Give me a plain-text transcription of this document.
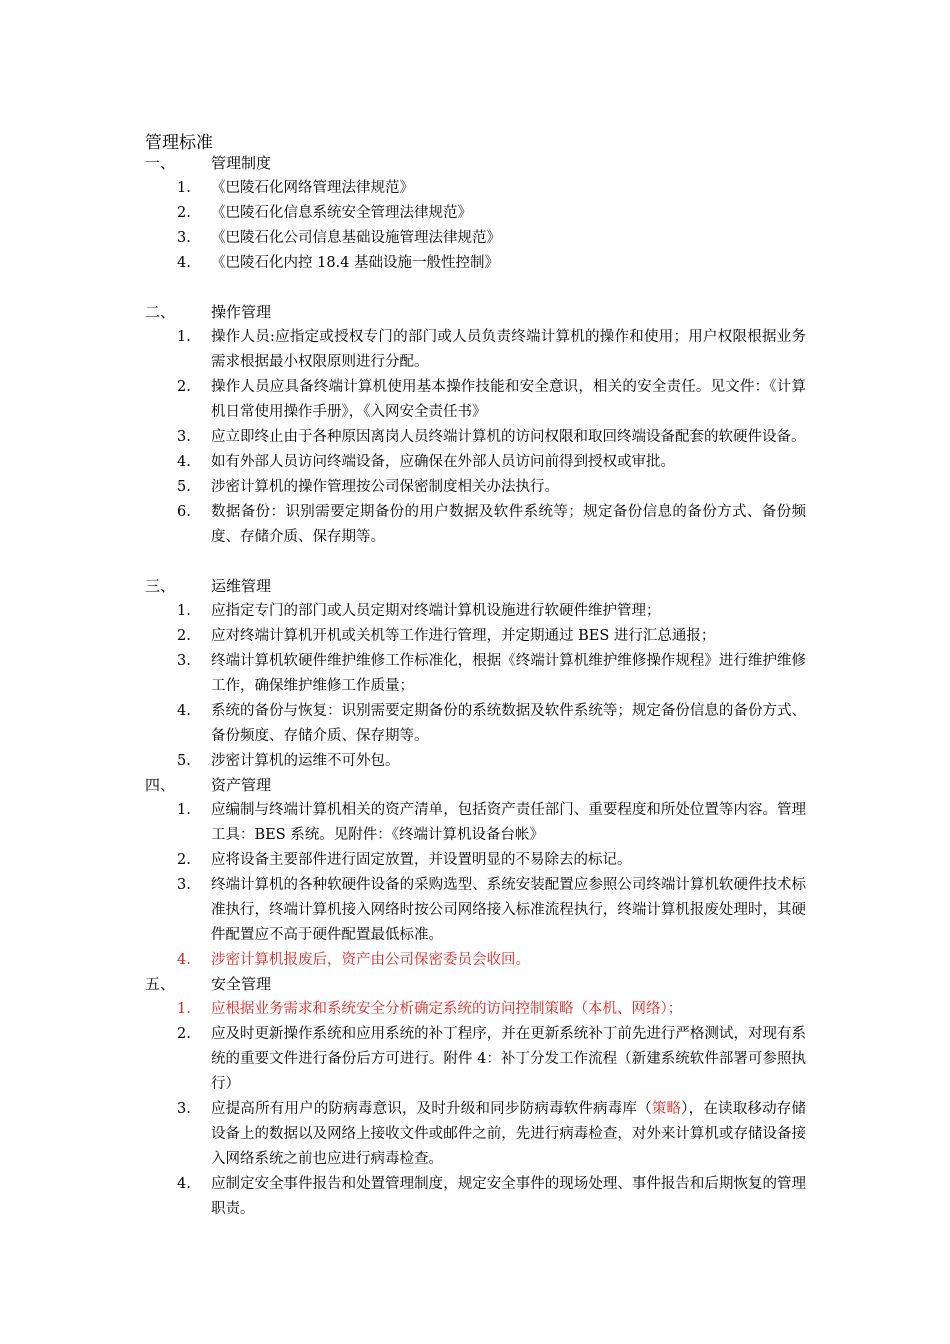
管理标准
一、 管理制度
1. 《巴陵石化网络管理法律规范》
2. 《巴陵石化信息系统安全管理法律规范》
3. 《巴陵石化公司信息基础设施管理法律规范》
4. 《巴陵石化内控 18.4 基础设施一般性控制》
二、 操作管理
1. 操作人员:应指定或授权专门的部门或人员负责终端计算机的操作和使用；用户权限根据业务需求根据最小权限原则进行分配。
2. 操作人员应具备终端计算机使用基本操作技能和安全意识，相关的安全责任。见文件：《计算机日常使用操作手册》，《入网安全责任书》
3. 应立即终止由于各种原因离岗人员终端计算机的访问权限和取回终端设备配套的软硬件设备。
4. 如有外部人员访问终端设备，应确保在外部人员访问前得到授权或审批。
5. 涉密计算机的操作管理按公司保密制度相关办法执行。
6. 数据备份：识别需要定期备份的用户数据及软件系统等；规定备份信息的备份方式、备份频度、存储介质、保存期等。
三、 运维管理
1. 应指定专门的部门或人员定期对终端计算机设施进行软硬件维护管理；
2. 应对终端计算机开机或关机等工作进行管理，并定期通过 BES 进行汇总通报；
3. 终端计算机软硬件维护维修工作标准化，根据《终端计算机维护维修操作规程》进行维护维修工作，确保维护维修工作质量；
4. 系统的备份与恢复：识别需要定期备份的系统数据及软件系统等；规定备份信息的备份方式、备份频度、存储介质、保存期等。
5. 涉密计算机的运维不可外包。
四、 资产管理
1. 应编制与终端计算机相关的资产清单，包括资产责任部门、重要程度和所处位置等内容。管理工具：BES 系统。见附件：《终端计算机设备台帐》
2. 应将设备主要部件进行固定放置，并设置明显的不易除去的标记。
3. 终端计算机的各种软硬件设备的采购选型、系统安装配置应参照公司终端计算机软硬件技术标准执行，终端计算机接入网络时按公司网络接入标准流程执行，终端计算机报废处理时，其硬件配置应不高于硬件配置最低标准。
4. 涉密计算机报废后，资产由公司保密委员会收回。
五、 安全管理
1. 应根据业务需求和系统安全分析确定系统的访问控制策略（本机、网络）；
2. 应及时更新操作系统和应用系统的补丁程序，并在更新系统补丁前先进行严格测试，对现有系统的重要文件进行备份后方可进行。附件 4：补丁分发工作流程（新建系统软件部署可参照执行）
3. 应提高所有用户的防病毒意识，及时升级和同步防病毒软件病毒库（策略），在读取移动存储设备上的数据以及网络上接收文件或邮件之前，先进行病毒检查，对外来计算机或存储设备接入网络系统之前也应进行病毒检查。
4. 应制定安全事件报告和处置管理制度，规定安全事件的现场处理、事件报告和后期恢复的管理职责。
